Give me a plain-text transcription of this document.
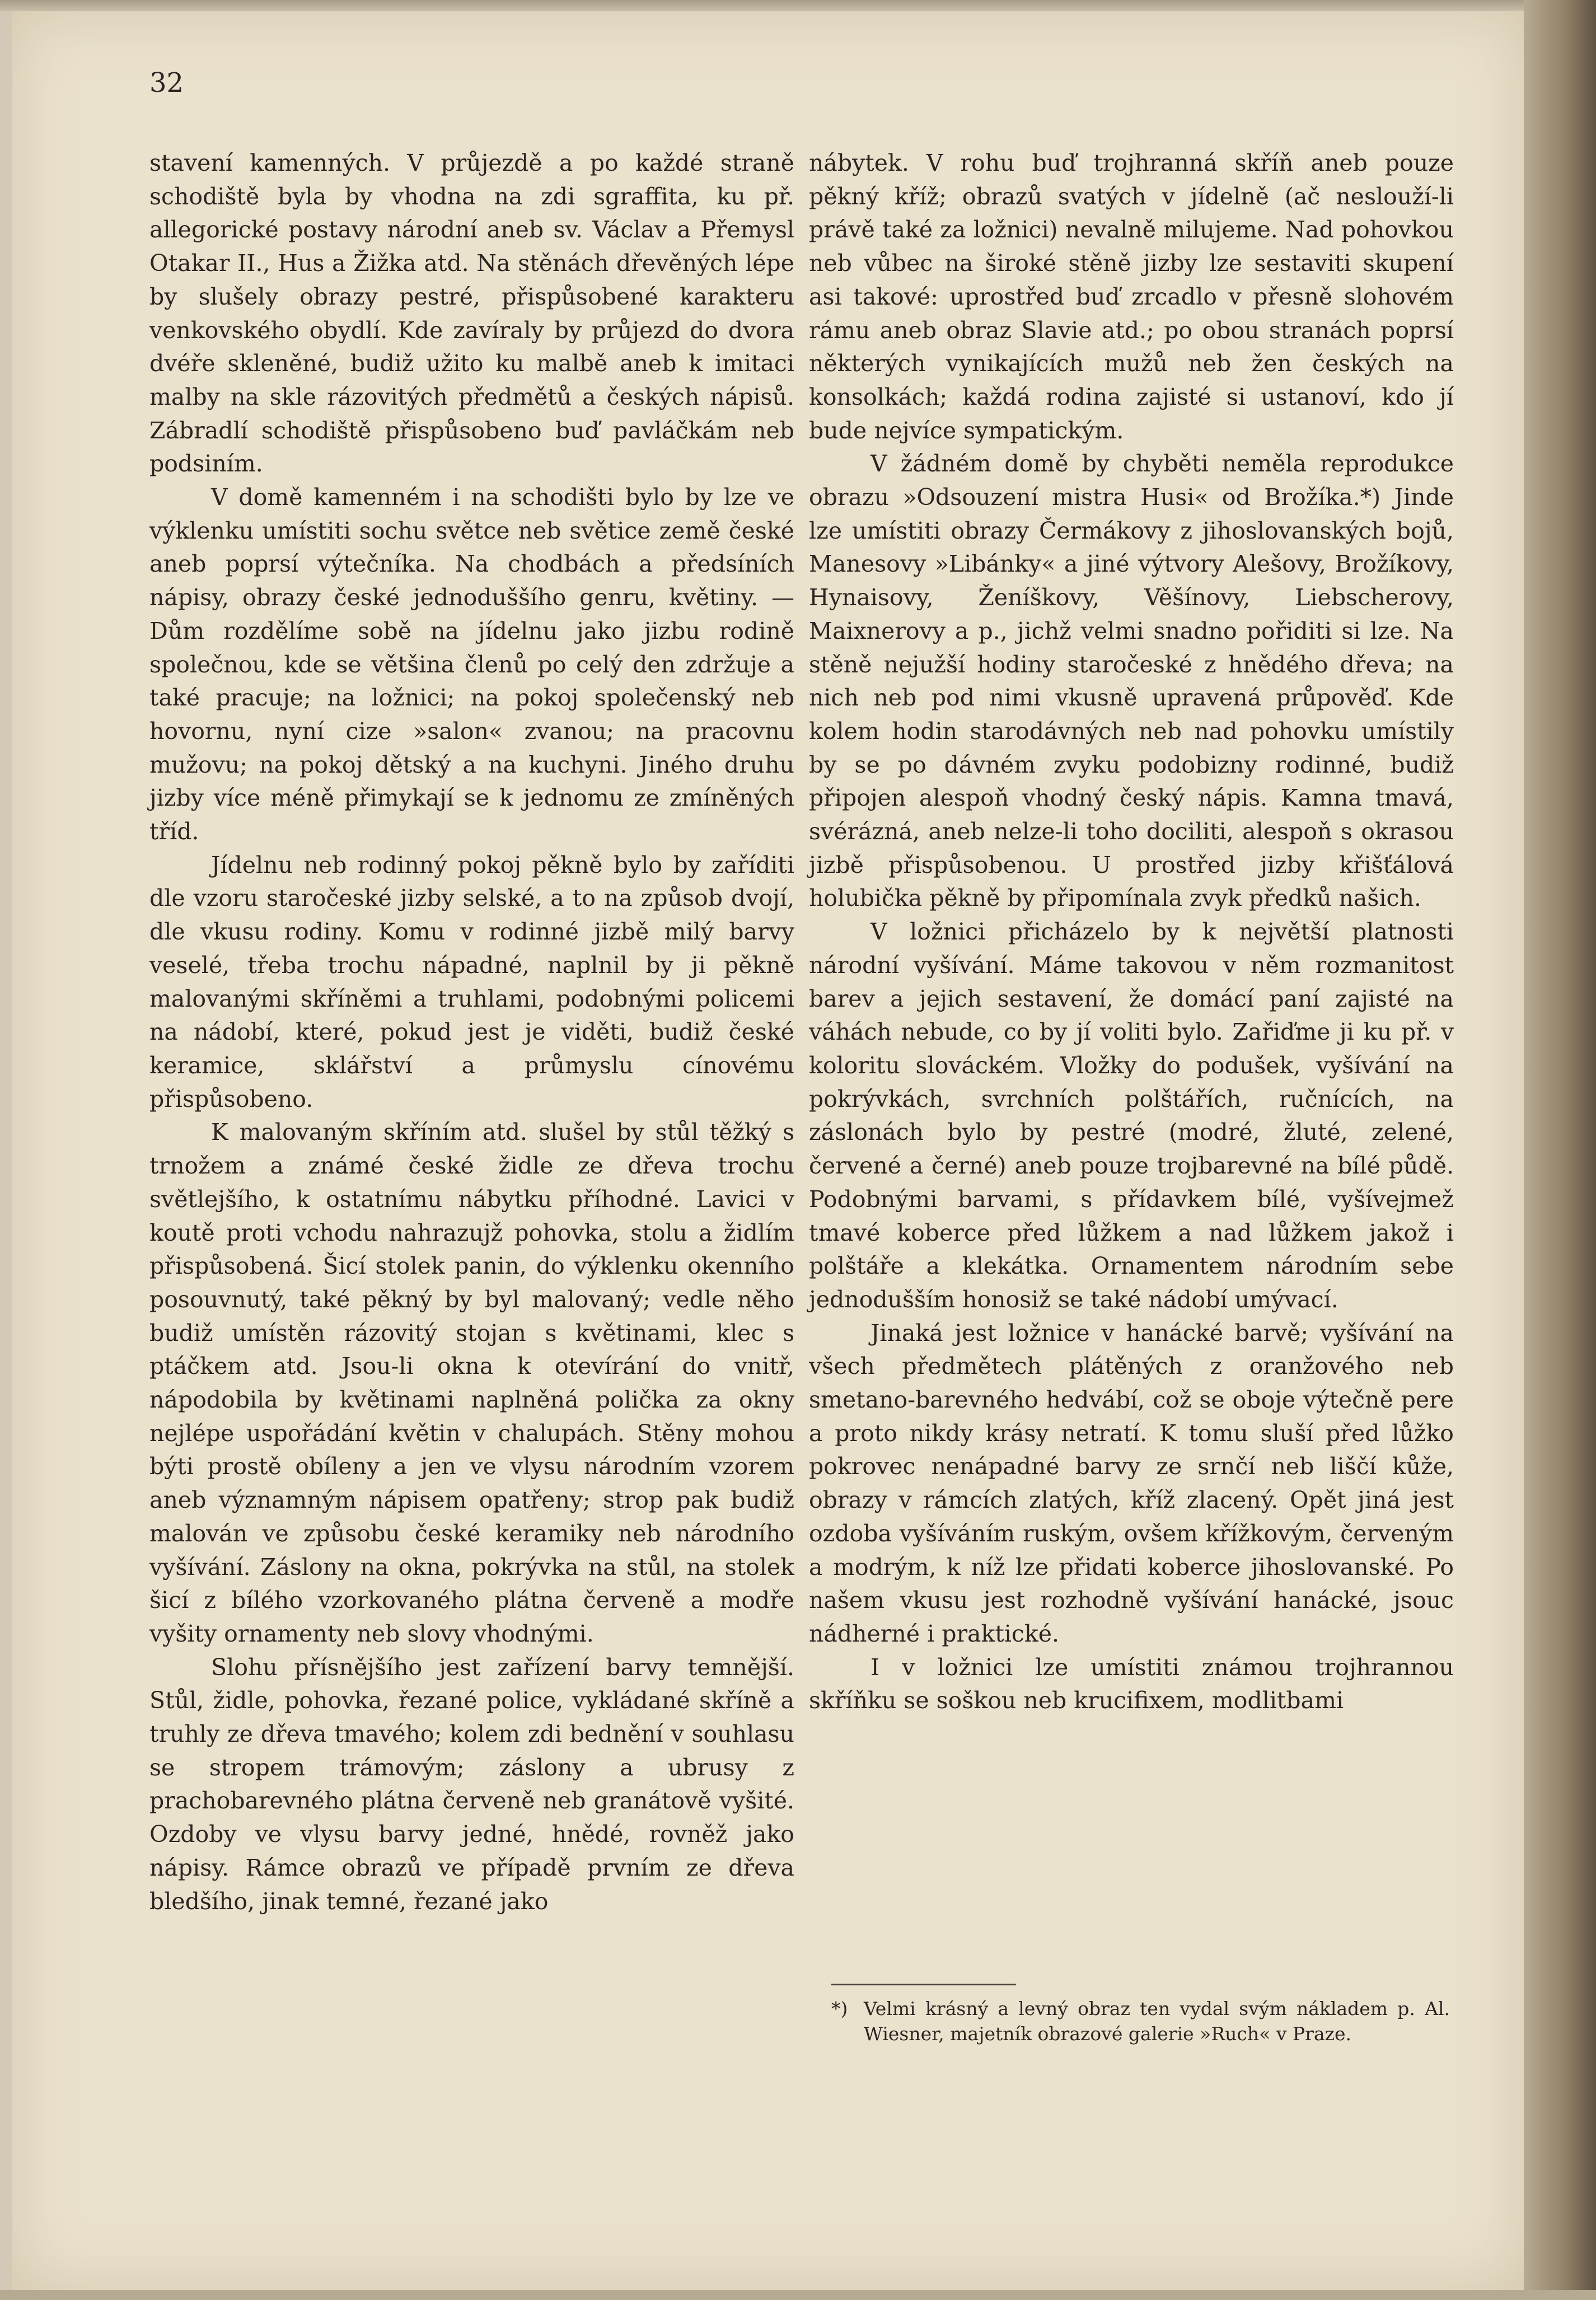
32

stavení kamenných. V průjezdě a po každé straně schodiště byla by vhodna na zdi sgraffita, ku př. allegorické postavy národní aneb sv. Václav a Přemysl Otakar II., Hus a Žižka atd. Na stěnách dřevěných lépe by slušely obrazy pestré, přispůsobené karakteru venkovského obydlí. Kde zavíraly by průjezd do dvora dvéře skleněné, budiž užito ku malbě aneb k imitaci malby na skle rázovitých předmětů a českých nápisů. Zábradlí schodiště přispůsobeno buď pavláčkám neb podsiním.

V domě kamenném i na schodišti bylo by lze ve výklenku umístiti sochu světce neb světice země české aneb poprsí výtečníka. Na chodbách a předsíních nápisy, obrazy české jednoduššího genru, květiny. — Dům rozdělíme sobě na jídelnu jako jizbu rodině společnou, kde se většina členů po celý den zdržuje a také pracuje; na ložnici; na pokoj společenský neb hovornu, nyní cize »salon« zvanou; na pracovnu mužovu; na pokoj dětský a na kuchyni. Jiného druhu jizby více méně přimykají se k jednomu ze zmíněných tříd.

Jídelnu neb rodinný pokoj pěkně bylo by zaříditi dle vzoru staročeské jizby selské, a to na způsob dvojí, dle vkusu rodiny. Komu v rodinné jizbě milý barvy veselé, třeba trochu nápadné, naplnil by ji pěkně malovanými skříněmi a truhlami, podobnými policemi na nádobí, které, pokud jest je viděti, budiž české keramice, sklářství a průmyslu cínovému přispůsobeno.

K malovaným skříním atd. slušel by stůl těžký s trnožem a známé české židle ze dřeva trochu světlejšího, k ostatnímu nábytku příhodné. Lavici v koutě proti vchodu nahrazujž pohovka, stolu a židlím přispůsobená. Šicí stolek panin, do výklenku okenního posouvnutý, také pěkný by byl malovaný; vedle něho budiž umístěn rázovitý stojan s květinami, klec s ptáčkem atd. Jsou-li okna k otevírání do vnitř, nápodobila by květinami naplněná polička za okny nejlépe uspořádání květin v chalupách. Stěny mohou býti prostě obíleny a jen ve vlysu národním vzorem aneb významným nápisem opatřeny; strop pak budiž malován ve způsobu české keramiky neb národního vyšívání. Záslony na okna, pokrývka na stůl, na stolek šicí z bílého vzorkovaného plátna červeně a modře vyšity ornamenty neb slovy vhodnými.

Slohu přísnějšího jest zařízení barvy temnější. Stůl, židle, pohovka, řezané police, vykládané skříně a truhly ze dřeva tmavého; kolem zdi bednění v souhlasu se stropem trámovým; záslony a ubrusy z prachobarevného plátna červeně neb granátově vyšité. Ozdoby ve vlysu barvy jedné, hnědé, rovněž jako nápisy. Rámce obrazů ve případě prvním ze dřeva bledšího, jinak temné, řezané jako

nábytek. V rohu buď trojhranná skříň aneb pouze pěkný kříž; obrazů svatých v jídelně (ač neslouží-li právě také za ložnici) nevalně milujeme. Nad pohovkou neb vůbec na široké stěně jizby lze sestaviti skupení asi takové: uprostřed buď zrcadlo v přesně slohovém rámu aneb obraz Slavie atd.; po obou stranách poprsí některých vynikajících mužů neb žen českých na konsolkách; každá rodina zajisté si ustanoví, kdo jí bude nejvíce sympatickým.

V žádném domě by chyběti neměla reprodukce obrazu »Odsouzení mistra Husi« od Brožíka.*) Jinde lze umístiti obrazy Čermákovy z jihoslovanských bojů, Manesovy »Libánky« a jiné výtvory Alešovy, Brožíkovy, Hynaisovy, Ženíškovy, Věšínovy, Liebscherovy, Maixnerovy a p., jichž velmi snadno pořiditi si lze. Na stěně nejužší hodiny staročeské z hnědého dřeva; na nich neb pod nimi vkusně upravená průpověď. Kde kolem hodin starodávných neb nad pohovku umístily by se po dávném zvyku podobizny rodinné, budiž připojen alespoň vhodný český nápis. Kamna tmavá, svérázná, aneb nelze-li toho dociliti, alespoň s okrasou jizbě přispůsobenou. U prostřed jizby křišťálová holubička pěkně by připomínala zvyk předků našich.

V ložnici přicházelo by k největší platnosti národní vyšívání. Máme takovou v něm rozmanitost barev a jejich sestavení, že domácí paní zajisté na váhách nebude, co by jí voliti bylo. Zařiďme ji ku př. v koloritu slováckém. Vložky do podušek, vyšívání na pokrývkách, svrchních polštářích, ručnících, na záslonách bylo by pestré (modré, žluté, zelené, červené a černé) aneb pouze trojbarevné na bílé půdě. Podobnými barvami, s přídavkem bílé, vyšívejmež tmavé koberce před lůžkem a nad lůžkem jakož i polštáře a klekátka. Ornamentem národním sebe jednodušším honosiž se také nádobí umývací.

Jinaká jest ložnice v hanácké barvě; vyšívání na všech předmětech plátěných z oranžového neb smetano-barevného hedvábí, což se oboje výtečně pere a proto nikdy krásy netratí. K tomu sluší před lůžko pokrovec nenápadné barvy ze srnčí neb liščí kůže, obrazy v rámcích zlatých, kříž zlacený. Opět jiná jest ozdoba vyšíváním ruským, ovšem křížkovým, červeným a modrým, k níž lze přidati koberce jihoslovanské. Po našem vkusu jest rozhodně vyšívání hanácké, jsouc nádherné i praktické.

I v ložnici lze umístiti známou trojhrannou skříňku se soškou neb krucifixem, modlitbami

*) Velmi krásný a levný obraz ten vydal svým nákladem p. Al. Wiesner, majetník obrazové galerie »Ruch« v Praze.
